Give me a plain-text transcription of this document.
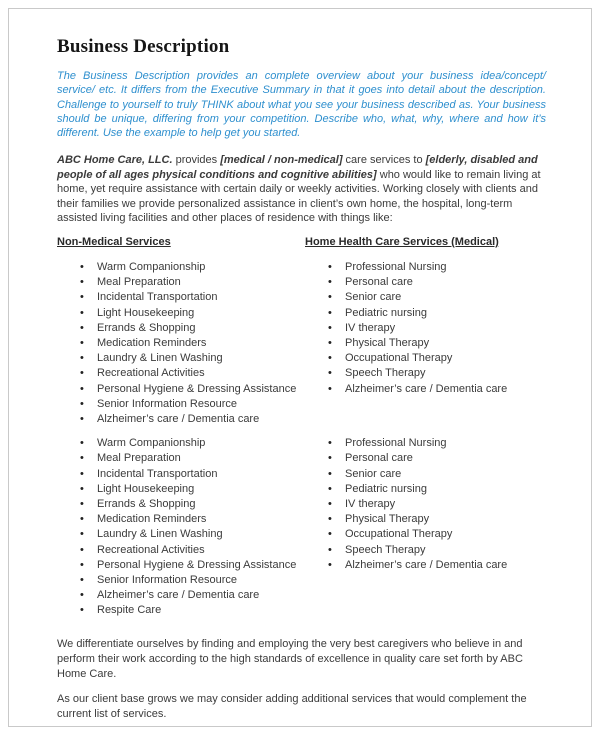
Business Description

The Business Description provides an complete overview about your business idea/concept/ service/ etc. It differs from the Executive Summary in that it goes into detail about the description. Challenge to yourself to truly THINK about what you see your business described as. Your business should be unique, differing from your competition. Describe who, what, why, where and how it’s different. Use the example to help get you started.

ABC Home Care, LLC. provides [medical / non-medical] care services to [elderly, disabled and people of all ages physical conditions and cognitive abilities] who would like to remain living at home, yet require assistance with certain daily or weekly activities. Working closely with clients and their families we provide personalized assistance in client’s own home, the hospital, long-term assisted living facilities and other places of residence with things like:

Non-Medical Services	Home Health Care Services (Medical)
• Warm Companionship
• Meal Preparation
• Incidental Transportation
• Light Housekeeping
• Errands & Shopping
• Medication Reminders
• Laundry & Linen Washing
• Recreational Activities
• Personal Hygiene & Dressing Assistance
• Senior Information Resource
• Alzheimer’s care / Dementia care
• Professional Nursing
• Personal care
• Senior care
• Pediatric nursing
• IV therapy
• Physical Therapy
• Occupational Therapy
• Speech Therapy
• Alzheimer’s care / Dementia care
• Warm Companionship
• Meal Preparation
• Incidental Transportation
• Light Housekeeping
• Errands & Shopping
• Medication Reminders
• Laundry & Linen Washing
• Recreational Activities
• Personal Hygiene & Dressing Assistance
• Senior Information Resource
• Alzheimer’s care / Dementia care
• Respite Care
• Professional Nursing
• Personal care
• Senior care
• Pediatric nursing
• IV therapy
• Physical Therapy
• Occupational Therapy
• Speech Therapy
• Alzheimer’s care / Dementia care

We differentiate ourselves by finding and employing the very best caregivers who believe in and perform their work according to the high standards of excellence in quality care set forth by ABC Home Care.

As our client base grows we may consider adding additional services that would complement the current list of services.
